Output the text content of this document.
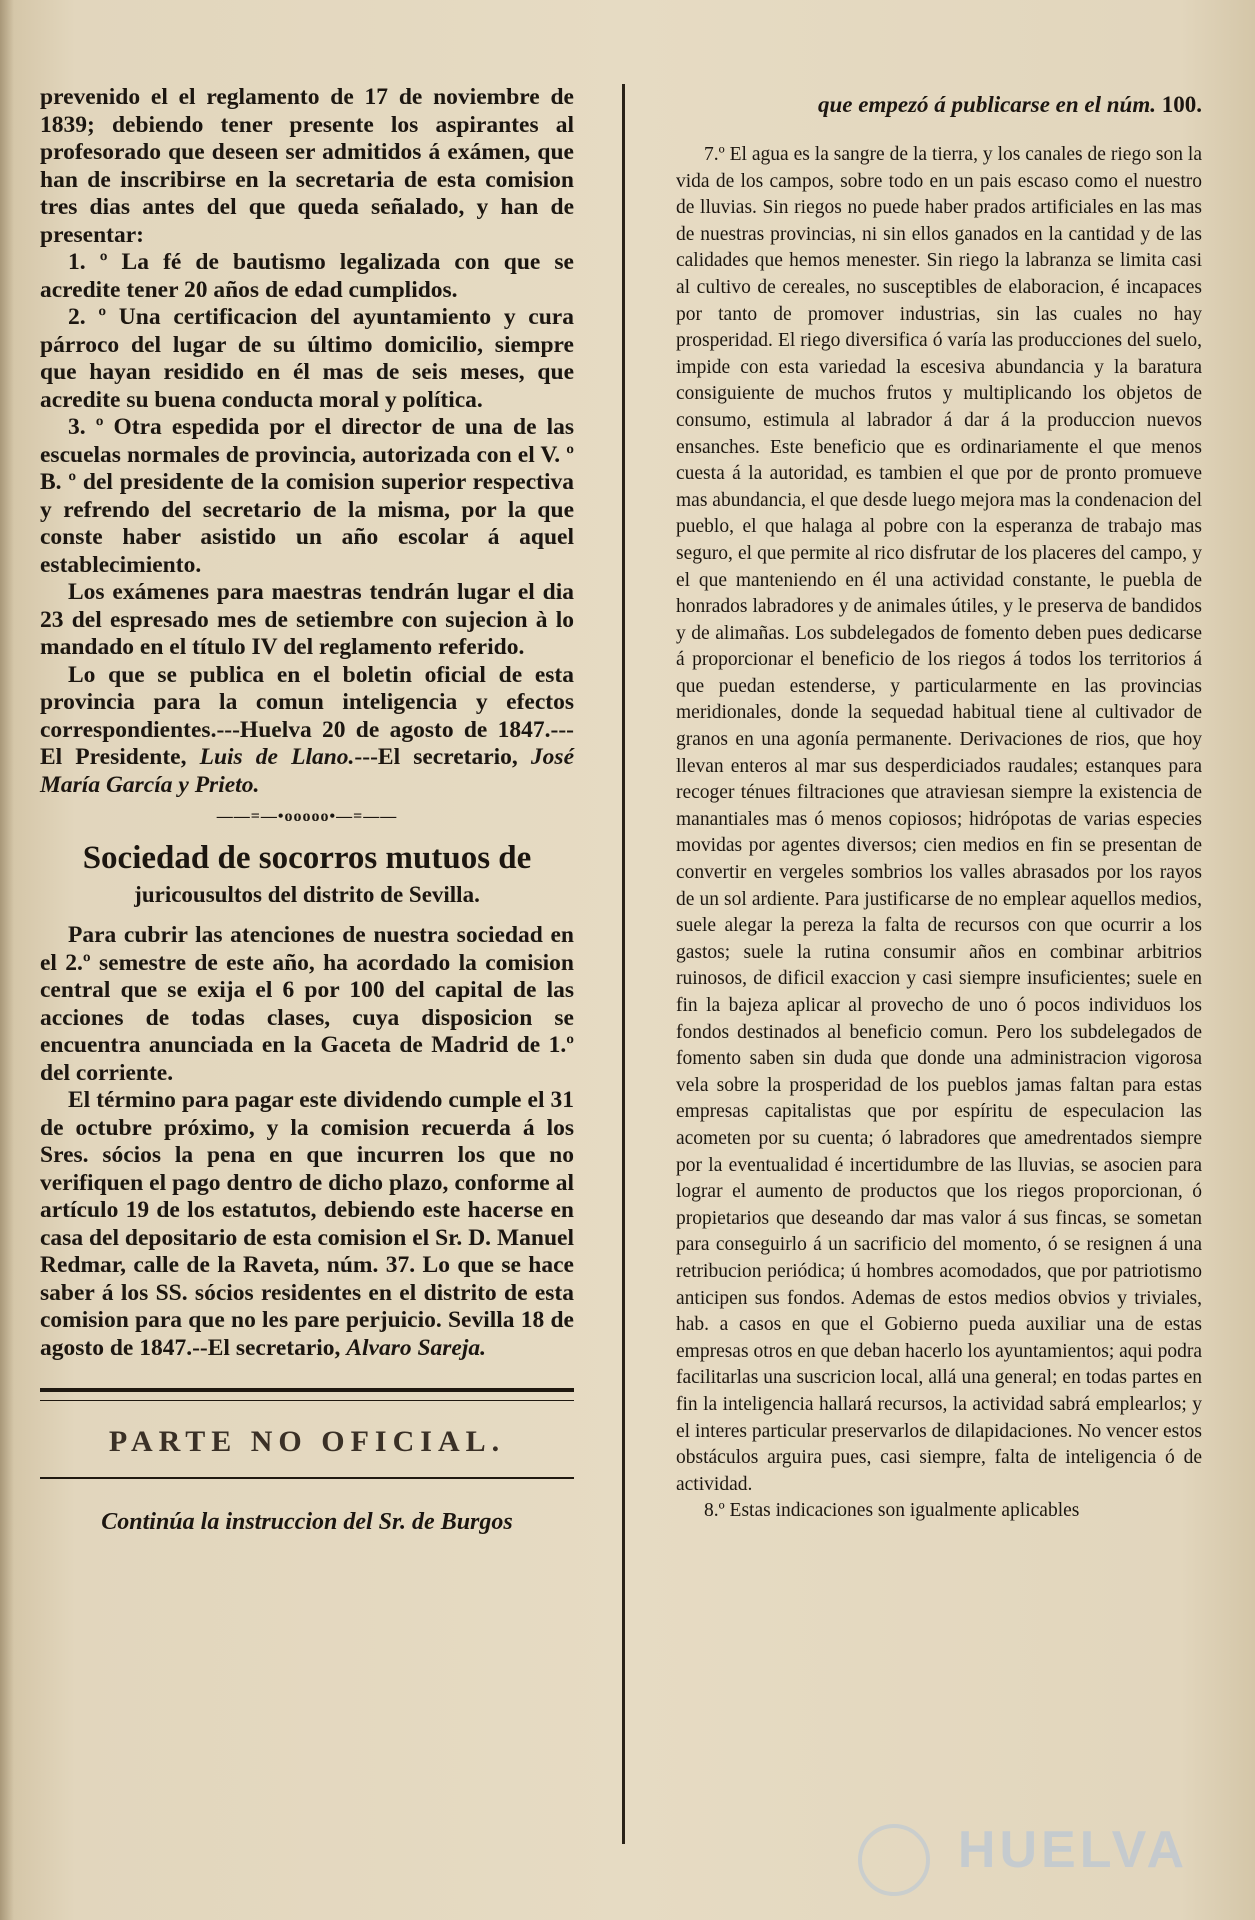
prevenido el el reglamento de 17 de noviembre de 1839; debiendo tener presente los aspirantes al profesorado que deseen ser admitidos á exámen, que han de inscribirse en la secretaria de esta comision tres dias antes del que queda señalado, y han de presentar:

1. º La fé de bautismo legalizada con que se acredite tener 20 años de edad cumplidos.

2. º Una certificacion del ayuntamiento y cura párroco del lugar de su último domicilio, siempre que hayan residido en él mas de seis meses, que acredite su buena conducta moral y política.

3. º Otra espedida por el director de una de las escuelas normales de provincia, autorizada con el V. º B. º del presidente de la comision superior respectiva y refrendo del secretario de la misma, por la que conste haber asistido un año escolar á aquel establecimiento.

Los exámenes para maestras tendrán lugar el dia 23 del espresado mes de setiembre con sujecion à lo mandado en el título IV del reglamento referido.

Lo que se publica en el boletin oficial de esta provincia para la comun inteligencia y efectos correspondientes.---Huelva 20 de agosto de 1847.---El Presidente, Luis de Llano.---El secretario, José María García y Prieto.

——=—•ooooo•—=——
Sociedad de socorros mutuos de
juricousultos del distrito de Sevilla.

Para cubrir las atenciones de nuestra sociedad en el 2.º semestre de este año, ha acordado la comision central que se exija el 6 por 100 del capital de las acciones de todas clases, cuya disposicion se encuentra anunciada en la Gaceta de Madrid de 1.º del corriente.

El término para pagar este dividendo cumple el 31 de octubre próximo, y la comision recuerda á los Sres. sócios la pena en que incurren los que no verifiquen el pago dentro de dicho plazo, conforme al artículo 19 de los estatutos, debiendo este hacerse en casa del depositario de esta comision el Sr. D. Manuel Redmar, calle de la Raveta, núm. 37. Lo que se hace saber á los SS. sócios residentes en el distrito de esta comision para que no les pare perjuicio. Sevilla 18 de agosto de 1847.--El secretario, Alvaro Sareja.

PARTE NO OFICIAL.
Continúa la instruccion del Sr. de Burgos
que empezó á publicarse en el núm. 100.

7.º El agua es la sangre de la tierra, y los canales de riego son la vida de los campos, sobre todo en un pais escaso como el nuestro de lluvias. Sin riegos no puede haber prados artificiales en las mas de nuestras provincias, ni sin ellos ganados en la cantidad y de las calidades que hemos menester. Sin riego la labranza se limita casi al cultivo de cereales, no susceptibles de elaboracion, é incapaces por tanto de promover industrias, sin las cuales no hay prosperidad. El riego diversifica ó varía las producciones del suelo, impide con esta variedad la escesiva abundancia y la baratura consiguiente de muchos frutos y multiplicando los objetos de consumo, estimula al labrador á dar á la produccion nuevos ensanches. Este beneficio que es ordinariamente el que menos cuesta á la autoridad, es tambien el que por de pronto promueve mas abundancia, el que desde luego mejora mas la condenacion del pueblo, el que halaga al pobre con la esperanza de trabajo mas seguro, el que permite al rico disfrutar de los placeres del campo, y el que manteniendo en él una actividad constante, le puebla de honrados labradores y de animales útiles, y le preserva de bandidos y de alimañas. Los subdelegados de fomento deben pues dedicarse á proporcionar el beneficio de los riegos á todos los territorios á que puedan estenderse, y particularmente en las provincias meridionales, donde la sequedad habitual tiene al cultivador de granos en una agonía permanente. Derivaciones de rios, que hoy llevan enteros al mar sus desperdiciados raudales; estanques para recoger ténues filtraciones que atraviesan siempre la existencia de manantiales mas ó menos copiosos; hidrópotas de varias especies movidas por agentes diversos; cien medios en fin se presentan de convertir en vergeles sombrios los valles abrasados por los rayos de un sol ardiente. Para justificarse de no emplear aquellos medios, suele alegar la pereza la falta de recursos con que ocurrir a los gastos; suele la rutina consumir años en combinar arbitrios ruinosos, de dificil exaccion y casi siempre insuficientes; suele en fin la bajeza aplicar al provecho de uno ó pocos individuos los fondos destinados al beneficio comun. Pero los subdelegados de fomento saben sin duda que donde una administracion vigorosa vela sobre la prosperidad de los pueblos jamas faltan para estas empresas capitalistas que por espíritu de especulacion las acometen por su cuenta; ó labradores que amedrentados siempre por la eventualidad é incertidumbre de las lluvias, se asocien para lograr el aumento de productos que los riegos proporcionan, ó propietarios que deseando dar mas valor á sus fincas, se sometan para conseguirlo á un sacrificio del momento, ó se resignen á una retribucion periódica; ú hombres acomodados, que por patriotismo anticipen sus fondos. Ademas de estos medios obvios y triviales, hab. a casos en que el Gobierno pueda auxiliar una de estas empresas otros en que deban hacerlo los ayuntamientos; aqui podra facilitarlas una suscricion local, allá una general; en todas partes en fin la inteligencia hallará recursos, la actividad sabrá emplearlos; y el interes particular preservarlos de dilapidaciones. No vencer estos obstáculos arguira pues, casi siempre, falta de inteligencia ó de actividad.

8.º Estas indicaciones son igualmente aplicables

HUELVA
